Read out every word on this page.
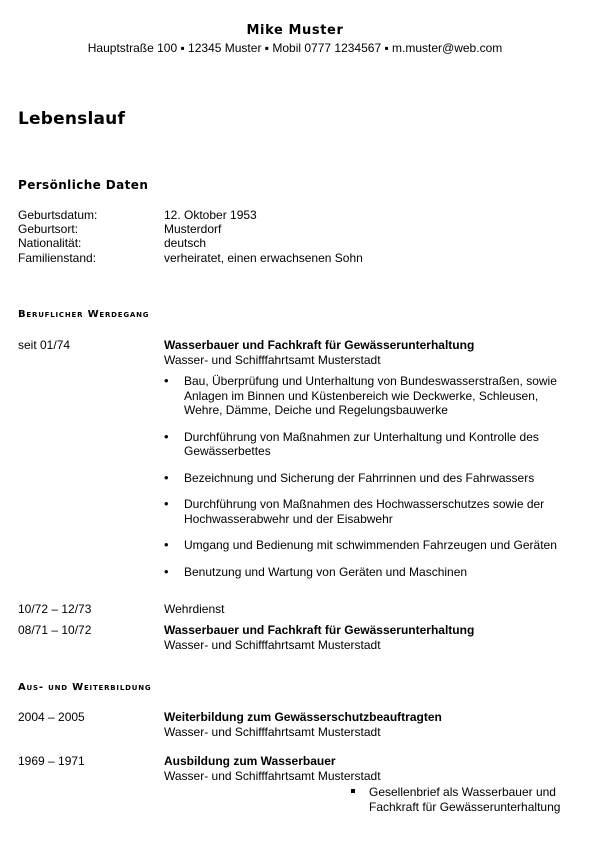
Mike Muster
Hauptstraße 100 ▪ 12345 Muster ▪ Mobil 0777 1234567 ▪ m.muster@web.com
Lebenslauf
Persönliche Daten
Geburtsdatum:	12. Oktober 1953
Geburtsort:	Musterdorf
Nationalität:	deutsch
Familienstand:	verheiratet, einen erwachsenen Sohn
Beruflicher Werdegang
seit 01/74	Wasserbauer und Fachkraft für Gewässerunterhaltung
Wasser- und Schifffahrtsamt Musterstadt
• Bau, Überprüfung und Unterhaltung von Bundeswasserstraßen, sowie Anlagen im Binnen und Küstenbereich wie Deckwerke, Schleusen, Wehre, Dämme, Deiche und Regelungsbauwerke
• Durchführung von Maßnahmen zur Unterhaltung und Kontrolle des Gewässerbettes
• Bezeichnung und Sicherung der Fahrrinnen und des Fahrwassers
• Durchführung von Maßnahmen des Hochwasserschutzes sowie der Hochwasserabwehr und der Eisabwehr
• Umgang und Bedienung mit schwimmenden Fahrzeugen und Geräten
• Benutzung und Wartung von Geräten und Maschinen
10/72 – 12/73	Wehrdienst
08/71 – 10/72	Wasserbauer und Fachkraft für Gewässerunterhaltung
Wasser- und Schifffahrtsamt Musterstadt
Aus- und Weiterbildung
2004 – 2005	Weiterbildung zum Gewässerschutzbeauftragten
Wasser- und Schifffahrtsamt Musterstadt
1969 – 1971	Ausbildung zum Wasserbauer
Wasser- und Schifffahrtsamt Musterstadt
Gesellenbrief als Wasserbauer und Fachkraft für Gewässerunterhaltung
